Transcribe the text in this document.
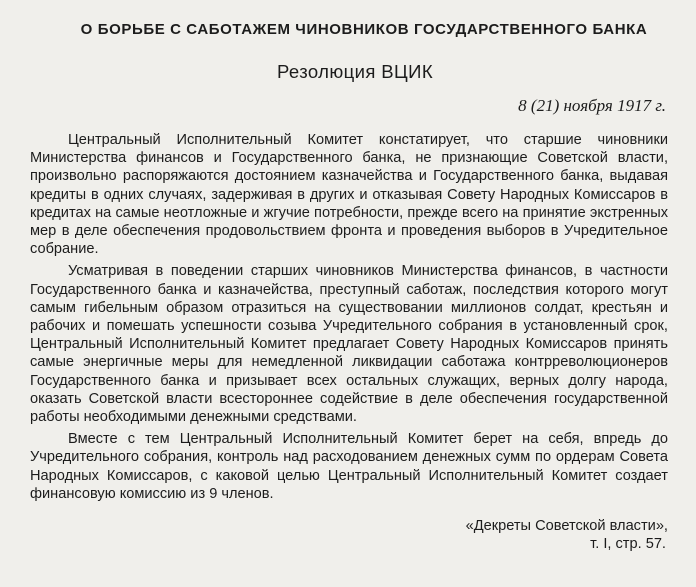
О БОРЬБЕ С САБОТАЖЕМ ЧИНОВНИКОВ ГОСУДАРСТВЕННОГО БАНКА
Резолюция ВЦИК
8 (21) ноября 1917 г.

Центральный Исполнительный Комитет констатирует, что старшие чиновники Министерства финансов и Государственного банка, не признающие Советской власти, произвольно распоряжаются достоянием казначейства и Государственного банка, выдавая кредиты в одних случаях, задерживая в других и отказывая Совету Народных Комиссаров в кредитах на самые неотложные и жгучие потребности, прежде всего на принятие экстренных мер в деле обеспечения продовольствием фронта и проведения выборов в Учредительное собрание.

Усматривая в поведении старших чиновников Министерства финансов, в частности Государственного банка и казначейства, преступный саботаж, последствия которого могут самым гибельным образом отразиться на существовании миллионов солдат, крестьян и рабочих и помешать успешности созыва Учредительного собрания в установленный срок, Центральный Исполнительный Комитет предлагает Совету Народных Комиссаров принять самые энергичные меры для немедленной ликвидации саботажа контрреволюционеров Государственного банка и призывает всех остальных служащих, верных долгу народа, оказать Советской власти всестороннее содействие в деле обеспечения государственной работы необходимыми денежными средствами.

Вместе с тем Центральный Исполнительный Комитет берет на себя, впредь до Учредительного собрания, контроль над расходованием денежных сумм по ордерам Совета Народных Комиссаров, с каковой целью Центральный Исполнительный Комитет создает финансовую комиссию из 9 членов.

«Декреты Советской власти»,
т. I, стр. 57.
